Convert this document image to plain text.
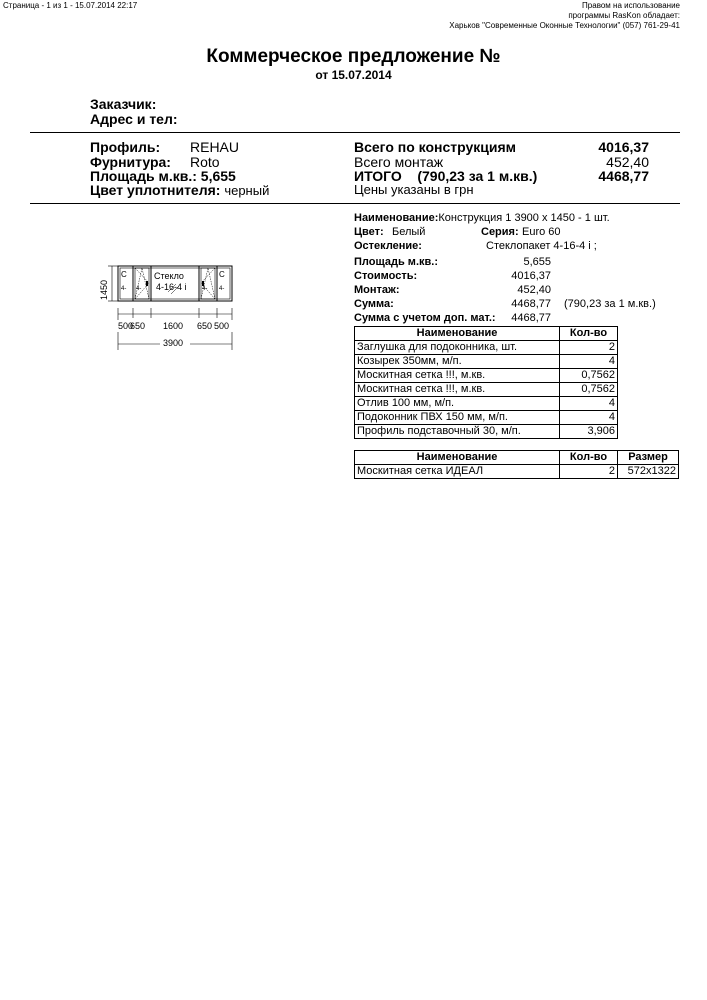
Страница - 1 из 1 - 15.07.2014 22:17	Правом на использование
программы RasKon обладает:
Харьков "Современные Оконные Технологии" (057) 761-29-41
Коммерческое предложение №
от 15.07.2014
Заказчик:
Адрес и тел:
Профиль: REHAU
Фурнитура: Roto
Площадь м.кв.: 5,655
Цвет уплотнителя: черный
Всего по конструкциям	4016,37
Всего монтаж	452,40
ИТОГО    (790,23 за 1 м.кв.)	4468,77
Цены указаны в грн
Наименование:Конструкция 1 3900 x 1450 - 1 шт.
Цвет: Белый	Серия: Euro 60
Остекление:	Стеклопакет 4-16-4 i ;
Площадь м.кв.:	5,655
Стоимость:	4016,37
Монтаж:	452,40
Сумма:	4468,77 (790,23 за 1 м.кв.)
Сумма с учетом доп. мат.: 4468,77
Наименование	Кол-во
Заглушка для подоконника, шт.	2
Козырек 350мм, м/п.	4
Москитная сетка !!!, м.кв.	0,7562
Москитная сетка !!!, м.кв.	0,7562
Отлив 100 мм, м/п.	4
Подоконник ПВХ 150 мм, м/п.	4
Профиль подставочный 30, м/п.	3,906
Наименование	Кол-во	Размер
Москитная сетка ИДЕАЛ	2	572x1322
С	С
4-	4-
4-	4-
Стекло
4-16-4 i
1450
500
650 1600 650 500
3900
